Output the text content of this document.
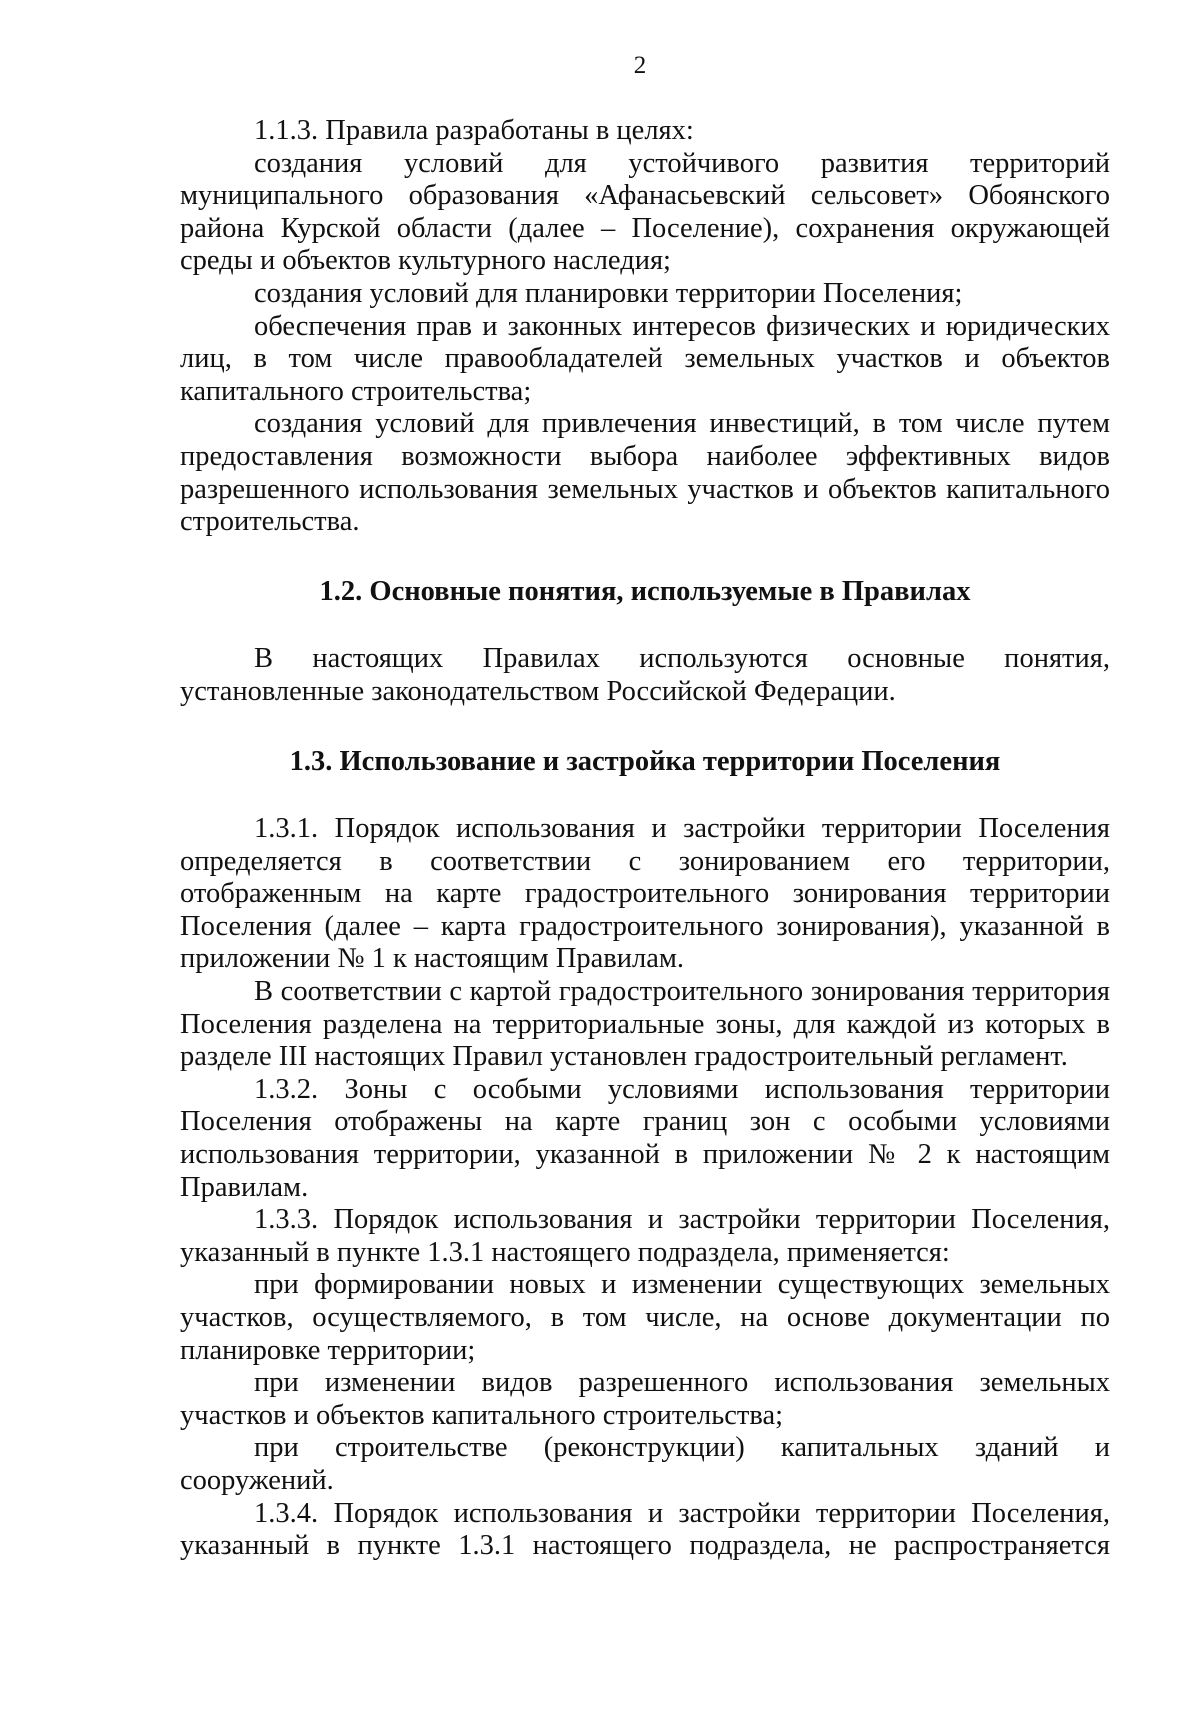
2

1.1.3. Правила разработаны в целях:

создания условий для устойчивого развития территорий муниципального образования «Афанасьевский сельсовет» Обоянского района Курской области (далее – Поселение), сохранения окружающей среды и объектов культурного наследия;

создания условий для планировки территории Поселения;

обеспечения прав и законных интересов физических и юридических лиц, в том числе правообладателей земельных участков и объектов капитального строительства;

создания условий для привлечения инвестиций, в том числе путем предоставления возможности выбора наиболее эффективных видов разрешенного использования земельных участков и объектов капитального строительства.

1.2. Основные понятия, используемые в Правилах

В настоящих Правилах используются основные понятия, установленные законодательством Российской Федерации.

1.3. Использование и застройка территории Поселения

1.3.1. Порядок использования и застройки территории Поселения определяется в соответствии с зонированием его территории, отображенным на карте градостроительного зонирования территории Поселения (далее – карта градостроительного зонирования), указанной в приложении № 1 к настоящим Правилам.

В соответствии с картой градостроительного зонирования территория Поселения разделена на территориальные зоны, для каждой из которых в разделе III настоящих Правил установлен градостроительный регламент.

1.3.2. Зоны с особыми условиями использования территории Поселения отображены на карте границ зон с особыми условиями использования территории, указанной в приложении № 2 к настоящим Правилам.

1.3.3. Порядок использования и застройки территории Поселения, указанный в пункте 1.3.1 настоящего подраздела, применяется:

при формировании новых и изменении существующих земельных участков, осуществляемого, в том числе, на основе документации по планировке территории;

при изменении видов разрешенного использования земельных участков и объектов капитального строительства;

при строительстве (реконструкции) капитальных зданий и сооружений.

1.3.4. Порядок использования и застройки территории Поселения, указанный в пункте 1.3.1 настоящего подраздела, не распространяется
